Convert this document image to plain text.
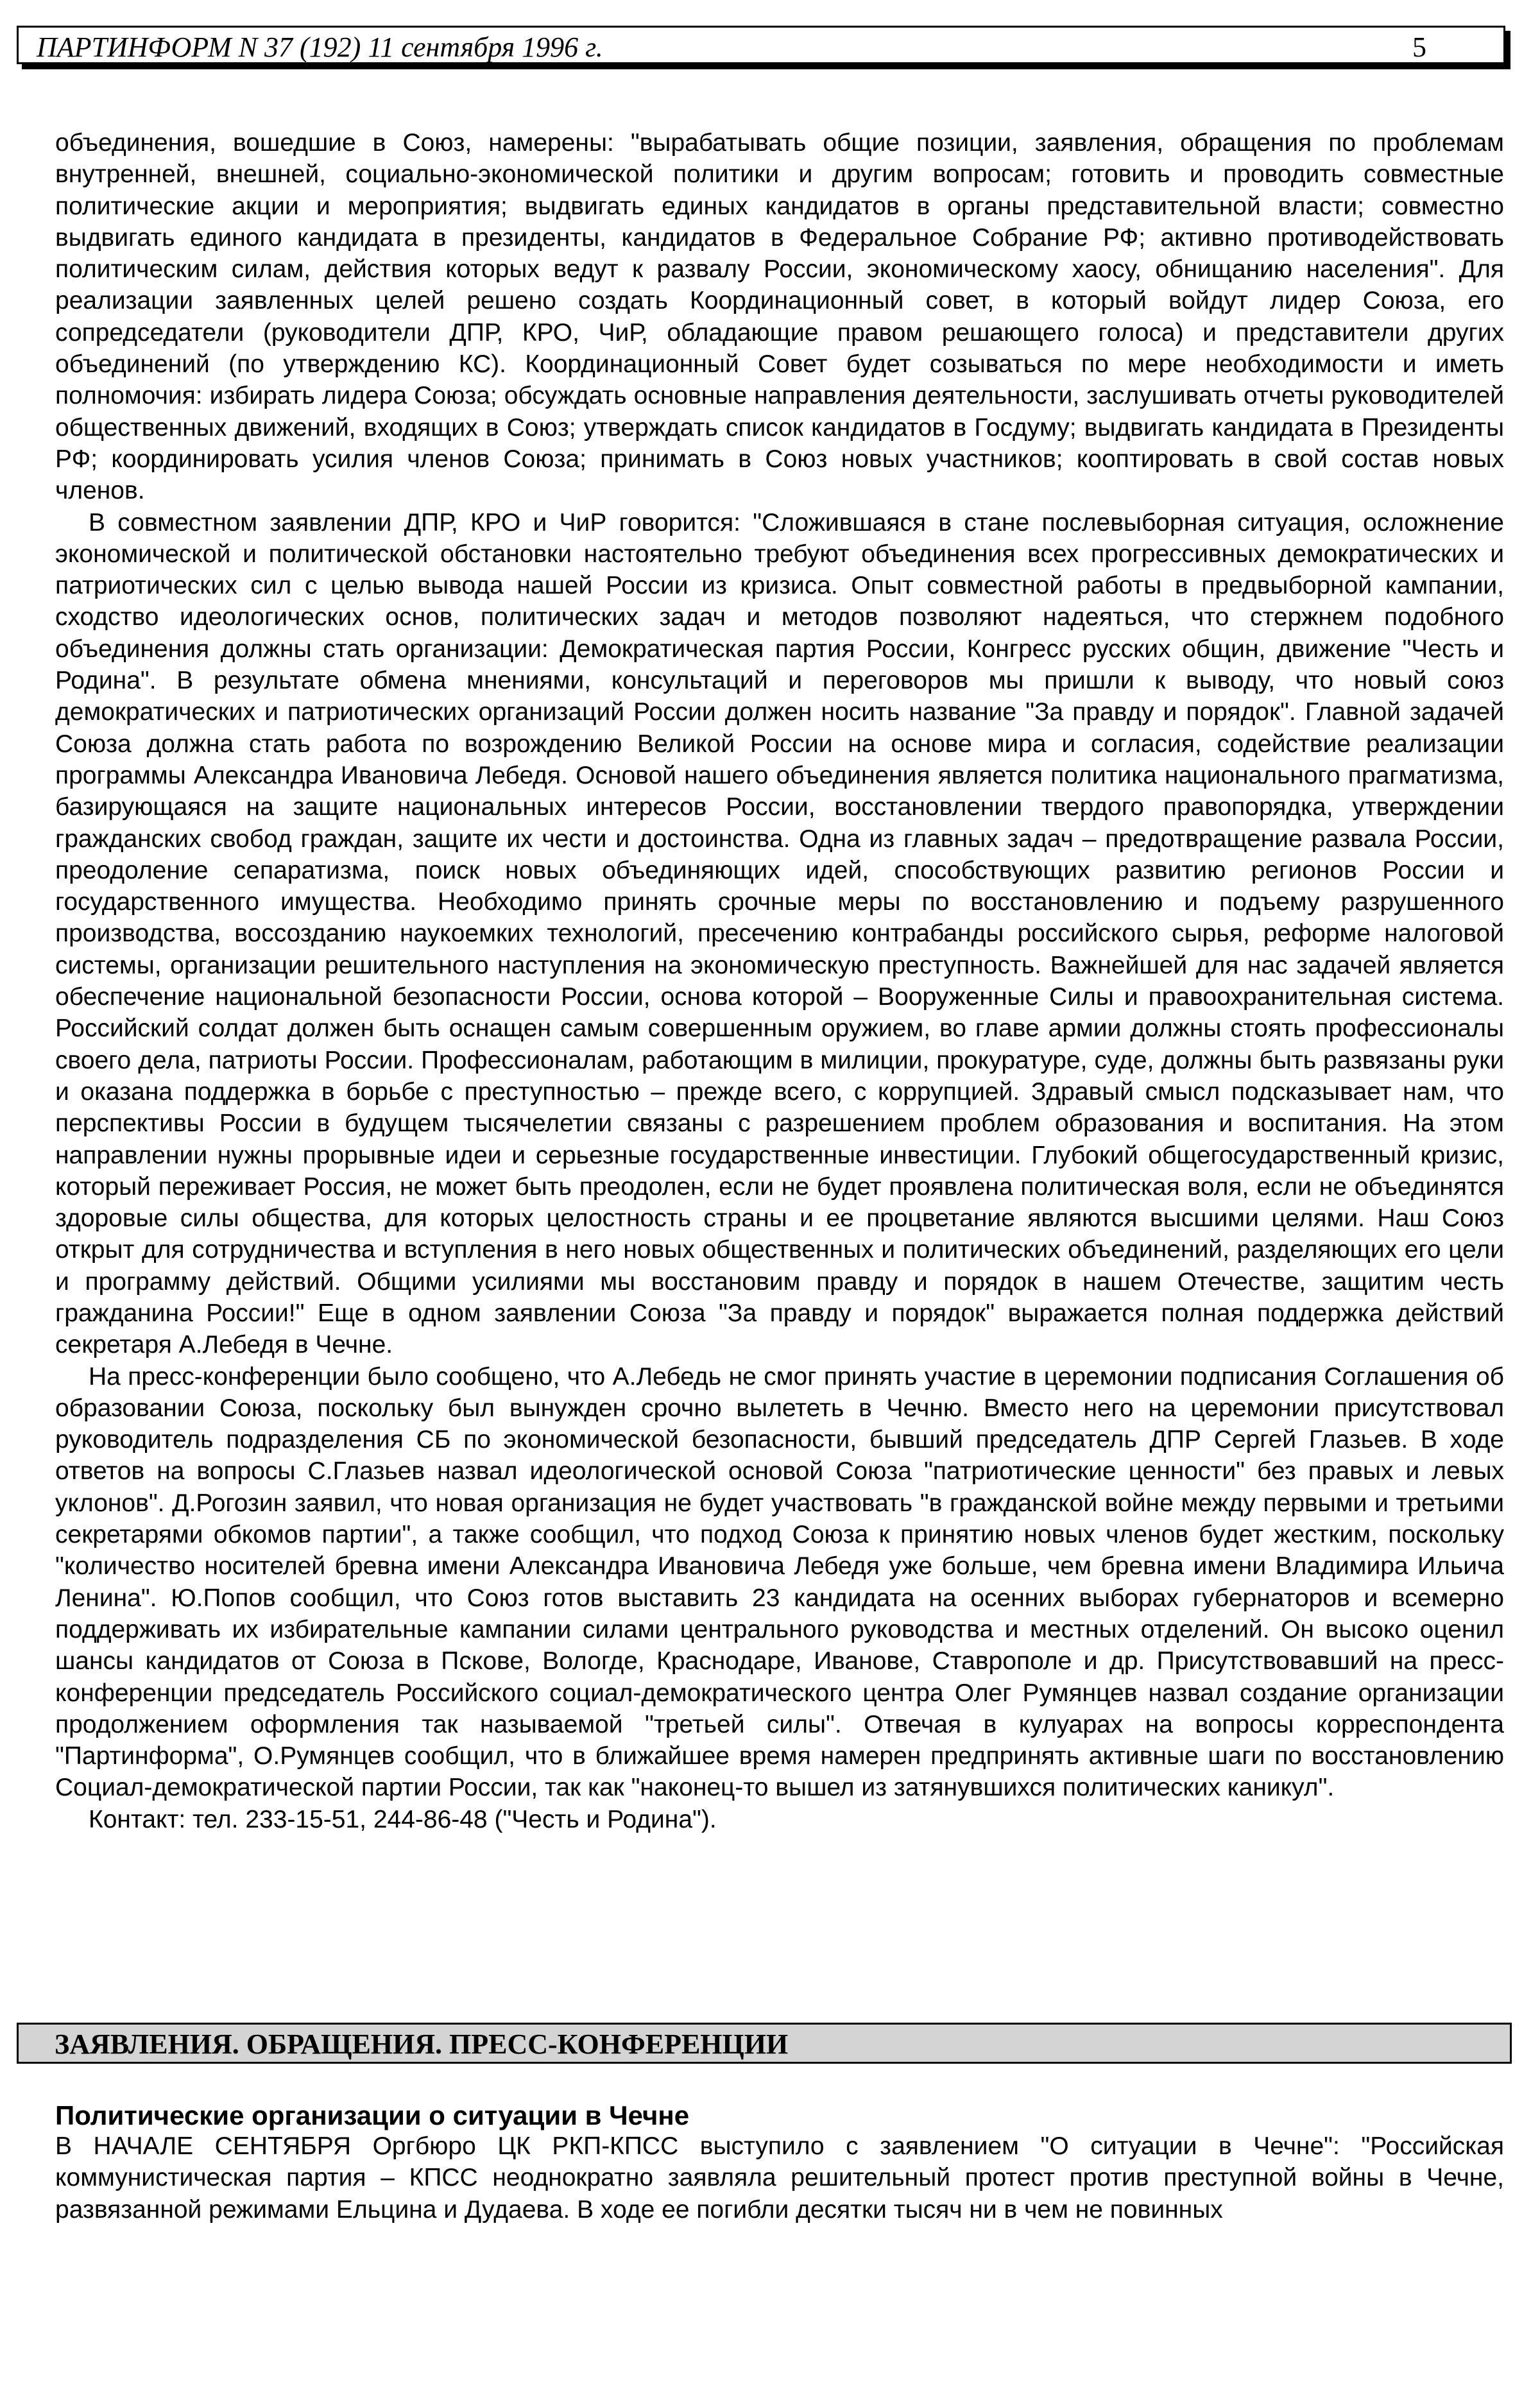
ПАРТИНФОРМ N 37 (192) 11 сентября 1996 г.	5

объединения, вошедшие в Союз, намерены: "вырабатывать общие позиции, заявления, обращения по проблемам внутренней, внешней, социально-экономической политики и другим вопросам; готовить и проводить совместные политические акции и мероприятия; выдвигать единых кандидатов в органы представительной власти; совместно выдвигать единого кандидата в президенты, кандидатов в Федеральное Собрание РФ; активно противодействовать политическим силам, действия которых ведут к развалу России, экономическому хаосу, обнищанию населения". Для реализации заявленных целей решено создать Координационный совет, в который войдут лидер Союза, его сопредседатели (руководители ДПР, КРО, ЧиР, обладающие правом решающего голоса) и представители других объединений (по утверждению КС). Координационный Совет будет созываться по мере необходимости и иметь полномочия: избирать лидера Союза; обсуждать основные направления деятельности, заслушивать отчеты руководителей общественных движений, входящих в Союз; утверждать список кандидатов в Госдуму; выдвигать кандидата в Президенты РФ; координировать усилия членов Союза; принимать в Союз новых участников; кооптировать в свой состав новых членов.

В совместном заявлении ДПР, КРО и ЧиР говорится: "Сложившаяся в стане послевыборная ситуация, осложнение экономической и политической обстановки настоятельно требуют объединения всех прогрессивных демократических и патриотических сил с целью вывода нашей России из кризиса. Опыт совместной работы в предвыборной кампании, сходство идеологических основ, политических задач и методов позволяют надеяться, что стержнем подобного объединения должны стать организации: Демократическая партия России, Конгресс русских общин, движение "Честь и Родина". В результате обмена мнениями, консультаций и переговоров мы пришли к выводу, что новый союз демократических и патриотических организаций России должен носить название "За правду и порядок". Главной задачей Союза должна стать работа по возрождению Великой России на основе мира и согласия, содействие реализации программы Александра Ивановича Лебедя. Основой нашего объединения является политика национального прагматизма, базирующаяся на защите национальных интересов России, восстановлении твердого правопорядка, утверждении гражданских свобод граждан, защите их чести и достоинства. Одна из главных задач – предотвращение развала России, преодоление сепаратизма, поиск новых объединяющих идей, способствующих развитию регионов России и государственного имущества. Необходимо принять срочные меры по восстановлению и подъему разрушенного производства, воссозданию наукоемких технологий, пресечению контрабанды российского сырья, реформе налоговой системы, организации решительного наступления на экономическую преступность. Важнейшей для нас задачей является обеспечение национальной безопасности России, основа которой – Вооруженные Силы и правоохранительная система. Российский солдат должен быть оснащен самым совершенным оружием, во главе армии должны стоять профессионалы своего дела, патриоты России. Профессионалам, работающим в милиции, прокуратуре, суде, должны быть развязаны руки и оказана поддержка в борьбе с преступностью – прежде всего, с коррупцией. Здравый смысл подсказывает нам, что перспективы России в будущем тысячелетии связаны с разрешением проблем образования и воспитания. На этом направлении нужны прорывные идеи и серьезные государственные инвестиции. Глубокий общегосударственный кризис, который переживает Россия, не может быть преодолен, если не будет проявлена политическая воля, если не объединятся здоровые силы общества, для которых целостность страны и ее процветание являются высшими целями. Наш Союз открыт для сотрудничества и вступления в него новых общественных и политических объединений, разделяющих его цели и программу действий. Общими усилиями мы восстановим правду и порядок в нашем Отечестве, защитим честь гражданина России!" Еще в одном заявлении Союза "За правду и порядок" выражается полная поддержка действий секретаря А.Лебедя в Чечне.

На пресс-конференции было сообщено, что А.Лебедь не смог принять участие в церемонии подписания Соглашения об образовании Союза, поскольку был вынужден срочно вылететь в Чечню. Вместо него на церемонии присутствовал руководитель подразделения СБ по экономической безопасности, бывший председатель ДПР Сергей Глазьев. В ходе ответов на вопросы С.Глазьев назвал идеологической основой Союза "патриотические ценности" без правых и левых уклонов". Д.Рогозин заявил, что новая организация не будет участвовать "в гражданской войне между первыми и третьими секретарями обкомов партии", а также сообщил, что подход Союза к принятию новых членов будет жестким, поскольку "количество носителей бревна имени Александра Ивановича Лебедя уже больше, чем бревна имени Владимира Ильича Ленина". Ю.Попов сообщил, что Союз готов выставить 23 кандидата на осенних выборах губернаторов и всемерно поддерживать их избирательные кампании силами центрального руководства и местных отделений. Он высоко оценил шансы кандидатов от Союза в Пскове, Вологде, Краснодаре, Иванове, Ставрополе и др. Присутствовавший на пресс-конференции председатель Российского социал-демократического центра Олег Румянцев назвал создание организации продолжением оформления так называемой "третьей силы". Отвечая в кулуарах на вопросы корреспондента "Партинформа", О.Румянцев сообщил, что в ближайшее время намерен предпринять активные шаги по восстановлению Социал-демократической партии России, так как "наконец-то вышел из затянувшихся политических каникул".

Контакт: тел. 233-15-51, 244-86-48 ("Честь и Родина").

ЗАЯВЛЕНИЯ. ОБРАЩЕНИЯ. ПРЕСС-КОНФЕРЕНЦИИ
Политические организации о ситуации в Чечне

В НАЧАЛЕ СЕНТЯБРЯ Оргбюро ЦК РКП-КПСС выступило с заявлением "О ситуации в Чечне": "Российская коммунистическая партия – КПСС неоднократно заявляла решительный протест против преступной войны в Чечне, развязанной режимами Ельцина и Дудаева. В ходе ее погибли десятки тысяч ни в чем не повинных
